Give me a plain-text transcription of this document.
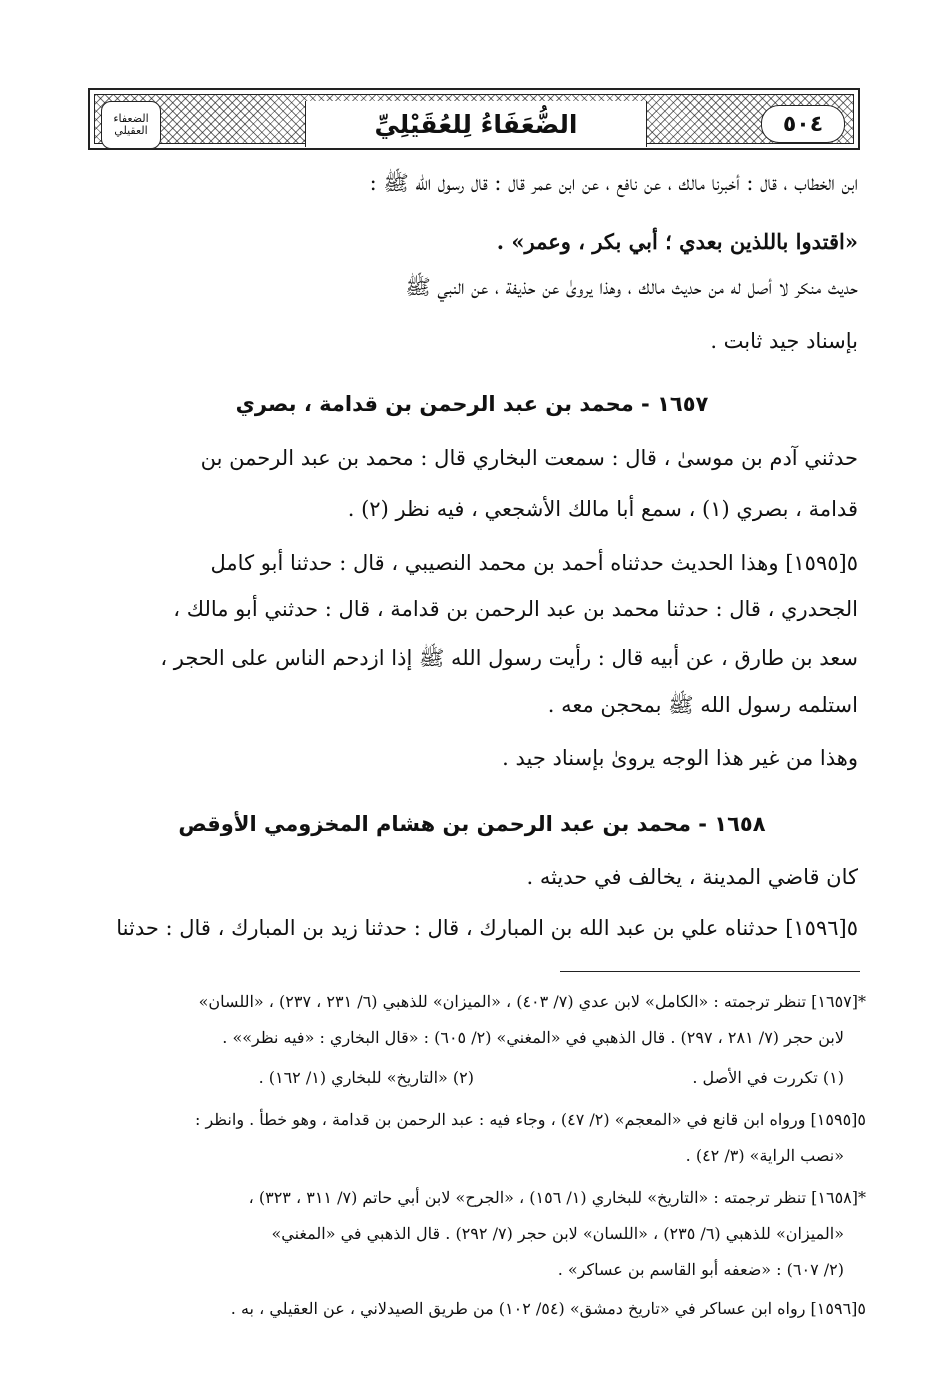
٥٠٤
الضُّعَفَاءُ لِلعُقَيْلِيِّ
الضعفاء
العقيلي
ابن الخطاب ، قال : أخبرنا مالك ، عن نافع ، عن ابن عمر قال : قال رسول الله ﷺ :
«اقتدوا باللذين بعدي ؛ أبي بكر ، وعمر» .
حديث منكر لا أصل له من حديث مالك ، وهذا يروىٰ عن حذيفة ، عن النبي ﷺ
بإسناد جيد ثابت .
١٦٥٧ - محمد بن عبد الرحمن بن قدامة ، بصري
حدثني آدم بن موسىٰ ، قال : سمعت البخاري قال : محمد بن عبد الرحمن بن
قدامة ، بصري (١) ، سمع أبا مالك الأشجعي ، فيه نظر (٢) .
٥[١٥٩٥] وهذا الحديث حدثناه أحمد بن محمد النصيبي ، قال : حدثنا أبو كامل
الجحدري ، قال : حدثنا محمد بن عبد الرحمن بن قدامة ، قال : حدثني أبو مالك ،
سعد بن طارق ، عن أبيه قال : رأيت رسول الله ﷺ إذا ازدحم الناس على الحجر ،
استلمه رسول الله ﷺ بمحجن معه .
وهذا من غير هذا الوجه يروىٰ بإسناد جيد .
١٦٥٨ - محمد بن عبد الرحمن بن هشام المخزومي الأوقص
كان قاضي المدينة ، يخالف في حديثه .
٥[١٥٩٦] حدثناه علي بن عبد الله بن المبارك ، قال : حدثنا زيد بن المبارك ، قال : حدثنا
*[١٦٥٧] تنظر ترجمته : «الكامل» لابن عدي (٧/ ٤٠٣) ، «الميزان» للذهبي (٦/ ٢٣١ ، ٢٣٧) ، «اللسان»
لابن حجر (٧/ ٢٨١ ، ٢٩٧) . قال الذهبي في «المغني» (٢/ ٦٠٥) : «قال البخاري : «فيه نظر»» .
(١) تكررت في الأصل .
(٢) «التاريخ» للبخاري (١/ ١٦٢) .
٥[١٥٩٥] ورواه ابن قانع في «المعجم» (٢/ ٤٧) ، وجاء فيه : عبد الرحمن بن قدامة ، وهو خطأ . وانظر :
«نصب الراية» (٣/ ٤٢) .
*[١٦٥٨] تنظر ترجمته : «التاريخ» للبخاري (١/ ١٥٦) ، «الجرح» لابن أبي حاتم (٧/ ٣١١ ، ٣٢٣) ،
«الميزان» للذهبي (٦/ ٢٣٥) ، «اللسان» لابن حجر (٧/ ٢٩٢) . قال الذهبي في «المغني»
(٢/ ٦٠٧) : «ضعفه أبو القاسم بن عساكر» .
٥[١٥٩٦] رواه ابن عساكر في «تاريخ دمشق» (٥٤/ ١٠٢) من طريق الصيدلاني ، عن العقيلي ، به .
